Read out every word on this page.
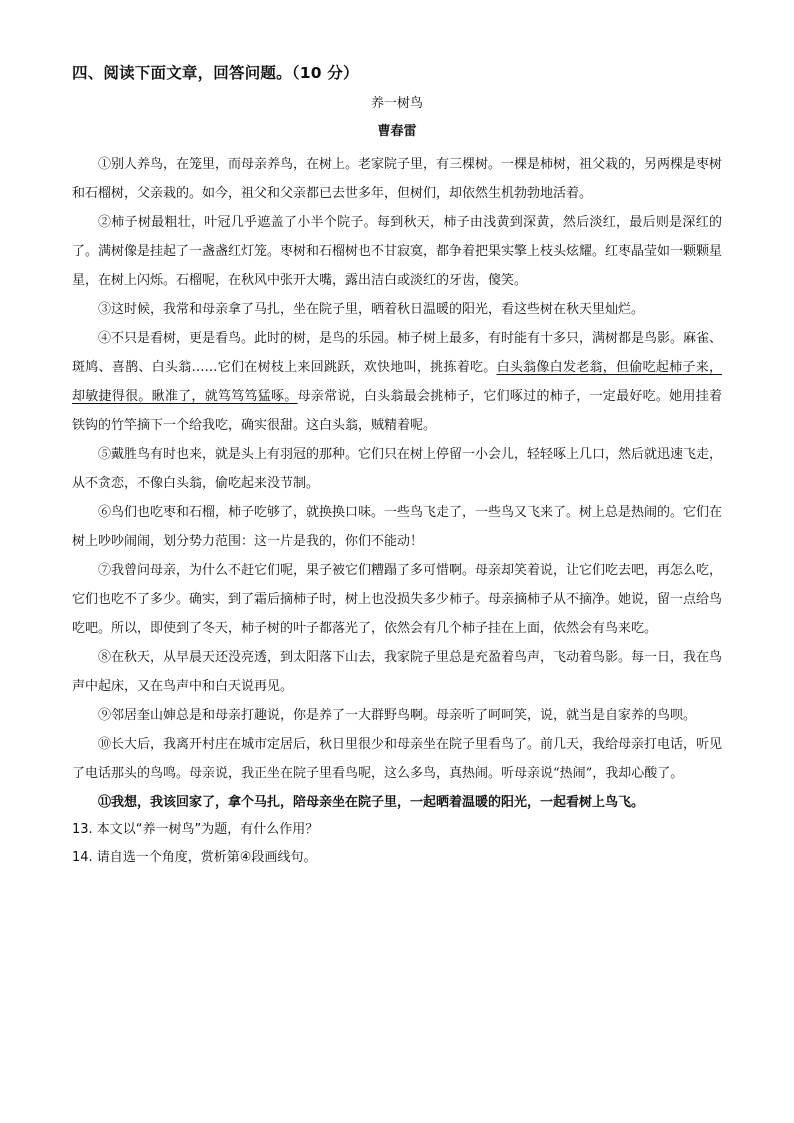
四、阅读下面文章，回答问题。（10 分）
养一树鸟
曹春雷

①别人养鸟，在笼里，而母亲养鸟，在树上。老家院子里，有三棵树。一棵是柿树，祖父栽的，另两棵是枣树和石榴树，父亲栽的。如今，祖父和父亲都已去世多年，但树们，却依然生机勃勃地活着。

②柿子树最粗壮，叶冠几乎遮盖了小半个院子。每到秋天，柿子由浅黄到深黄，然后淡红，最后则是深红的了。满树像是挂起了一盏盏红灯笼。枣树和石榴树也不甘寂寞，都争着把果实擎上枝头炫耀。红枣晶莹如一颗颗星星，在树上闪烁。石榴呢，在秋风中张开大嘴，露出洁白或淡红的牙齿，傻笑。

③这时候，我常和母亲拿了马扎，坐在院子里，晒着秋日温暖的阳光，看这些树在秋天里灿烂。

④不只是看树，更是看鸟。此时的树，是鸟的乐园。柿子树上最多，有时能有十多只，满树都是鸟影。麻雀、斑鸠、喜鹊、白头翁……它们在树枝上来回跳跃，欢快地叫，挑拣着吃。白头翁像白发老翁，但偷吃起柿子来，却敏捷得很。瞅准了，就笃笃笃猛啄。母亲常说，白头翁最会挑柿子，它们啄过的柿子，一定最好吃。她用挂着铁钩的竹竿摘下一个给我吃，确实很甜。这白头翁，贼精着呢。

⑤戴胜鸟有时也来，就是头上有羽冠的那种。它们只在树上停留一小会儿，轻轻啄上几口，然后就迅速飞走，从不贪恋，不像白头翁，偷吃起来没节制。

⑥鸟们也吃枣和石榴，柿子吃够了，就换换口味。一些鸟飞走了，一些鸟又飞来了。树上总是热闹的。它们在树上吵吵闹闹，划分势力范围：这一片是我的，你们不能动！

⑦我曾问母亲，为什么不赶它们呢，果子被它们糟蹋了多可惜啊。母亲却笑着说，让它们吃去吧，再怎么吃，它们也吃不了多少。确实，到了霜后摘柿子时，树上也没损失多少柿子。母亲摘柿子从不摘净。她说，留一点给鸟吃吧。所以，即使到了冬天，柿子树的叶子都落光了，依然会有几个柿子挂在上面，依然会有鸟来吃。

⑧在秋天，从早晨天还没亮透，到太阳落下山去，我家院子里总是充盈着鸟声，飞动着鸟影。每一日，我在鸟声中起床，又在鸟声中和白天说再见。

⑨邻居奎山婶总是和母亲打趣说，你是养了一大群野鸟啊。母亲听了呵呵笑，说，就当是自家养的鸟呗。

⑩长大后，我离开村庄在城市定居后，秋日里很少和母亲坐在院子里看鸟了。前几天，我给母亲打电话，听见了电话那头的鸟鸣。母亲说，我正坐在院子里看鸟呢，这么多鸟，真热闹。听母亲说“热闹”，我却心酸了。

⑪我想，我该回家了，拿个马扎，陪母亲坐在院子里，一起晒着温暖的阳光，一起看树上鸟飞。

13. 本文以“养一树鸟”为题，有什么作用？

14. 请自选一个角度，赏析第④段画线句。
